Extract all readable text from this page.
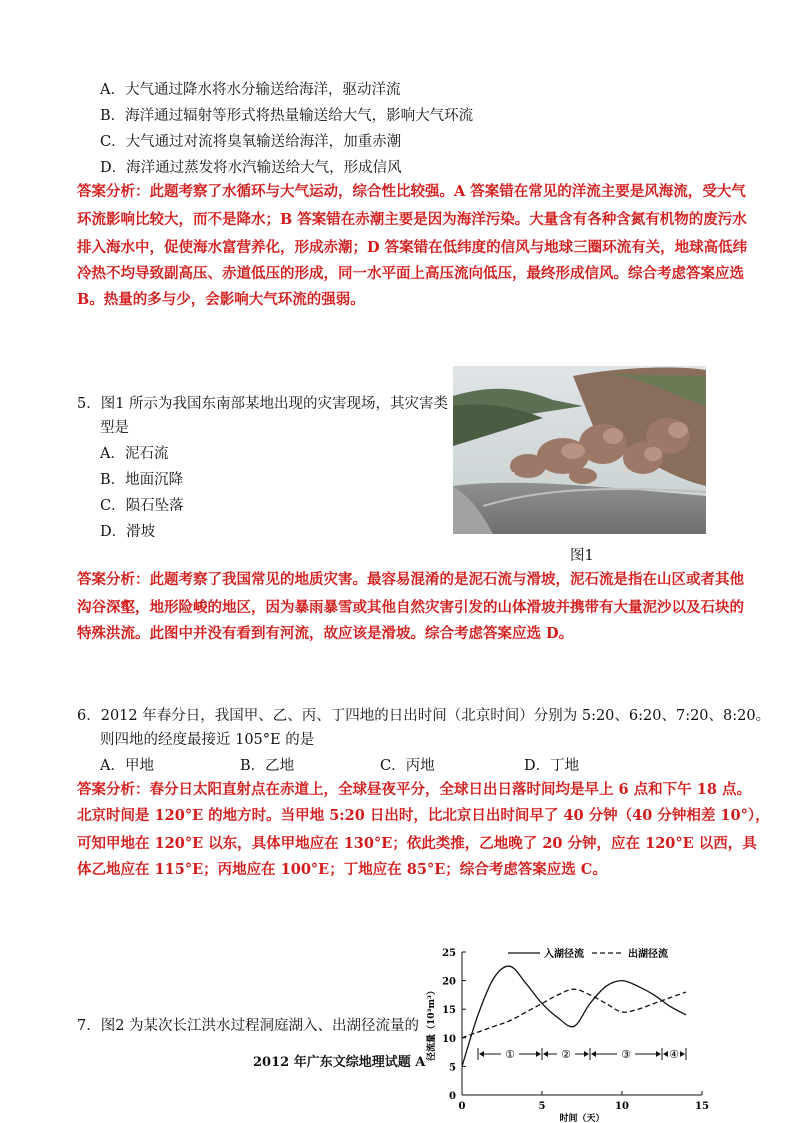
A．大气通过降水将水分输送给海洋，驱动洋流
B．海洋通过辐射等形式将热量输送给大气，影响大气环流
C．大气通过对流将臭氧输送给海洋，加重赤潮
D．海洋通过蒸发将水汽输送给大气，形成信风
答案分析：此题考察了水循环与大气运动，综合性比较强。A 答案错在常见的洋流主要是风海流，受大气
环流影响比较大，而不是降水；B 答案错在赤潮主要是因为海洋污染。大量含有各种含氮有机物的废污水
排入海水中，促使海水富营养化，形成赤潮；D 答案错在低纬度的信风与地球三圈环流有关，地球高低纬
冷热不均导致副高压、赤道低压的形成，同一水平面上高压流向低压，最终形成信风。综合考虑答案应选
B。热量的多与少，会影响大气环流的强弱。
5．图1 所示为我国东南部某地出现的灾害现场，其灾害类
型是
A．泥石流
B．地面沉降
C．陨石坠落
D．滑坡
图1
答案分析：此题考察了我国常见的地质灾害。最容易混淆的是泥石流与滑坡，泥石流是指在山区或者其他
沟谷深壑，地形险峻的地区，因为暴雨暴雪或其他自然灾害引发的山体滑坡并携带有大量泥沙以及石块的
特殊洪流。此图中并没有看到有河流，故应该是滑坡。综合考虑答案应选 D。
6．2012 年春分日，我国甲、乙、丙、丁四地的日出时间（北京时间）分别为 5:20、6:20、7:20、8:20。
则四地的经度最接近 105°E 的是
A．甲地	B．乙地	C．丙地	D．丁地
答案分析：春分日太阳直射点在赤道上，全球昼夜平分，全球日出日落时间均是早上 6 点和下午 18 点。
北京时间是 120°E 的地方时。当甲地 5:20 日出时，比北京日出时间早了 40 分钟（40 分钟相差 10°），
可知甲地在 120°E 以东，具体甲地应在 130°E；依此类推，乙地晚了 20 分钟，应在 120°E 以西，具
体乙地应在 115°E；丙地应在 100°E；丁地应在 85°E；综合考虑答案应选 C。
7．图2 为某次长江洪水过程洞庭湖入、出湖径流量的
2012 年广东文综地理试题 A
0	5	10	15
0
5
10
15
20
25
时间（天）
径流量（10³m³）
入湖径流	出湖径流
①	②	③	④
